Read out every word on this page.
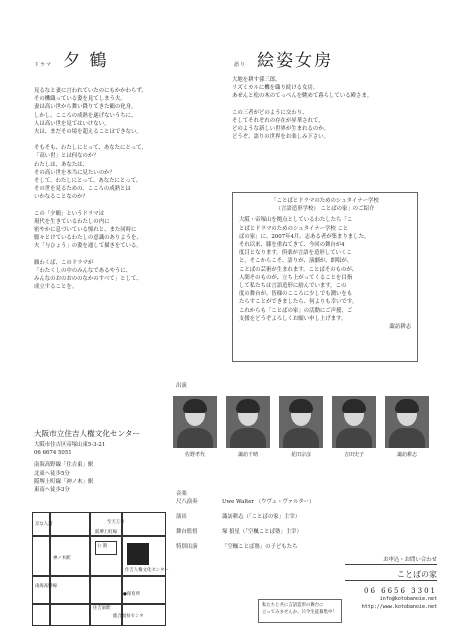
ドラマ 夕 鶴	語り 絵姿女房
見るなと妻に言われていたのにもかかわらず、
その機織っている姿を見てしまう夫。
妻は高い世から舞い降りてきた鶴の化身。
しかし、こころの成熟を遂げないうちに、
人は高い世を見てはいけない。
夫は、まだその境を超えることはできない。
そもそも、わたしにとって、あなたにとって、
「高い世」とは何なのか？
わたしは、あなたは、
その高い世を本当に見たいのか？
そして、わたしにとって、あなたにとって、
その世を見るための、こころの成熟とは
いかなることなのか？
この「夕鶴」というドラマは
現代を生きているわたしの内に
密やかに息づいている憧れと、また同時に
脈々とけているわたしの意識のありようを、
夫「与ひょう」の姿を通して描きをている。
願わくば、このドラマが
「わたくしの中のみんなであるやうに、
みんなのおのおののなかのすべて」として、
成立することを。
大地を耕す孫三郎。
リズミカルに機を織り続ける女房。
あぜんと松の木のてっぺんを眺めて暮らしている殿さま。
この三者がどのように交わり、
そしてそれぞれの存在が昇華されて、
どのような新しい世界が生まれるのか。
どうぞ、語りの世界をお楽しみ下さい。
「ことばとドラマのためのシュタイナー学校
（言語造形学校） ことばの家」のご紹介
大阪・帝塚山を拠点としているわたしたち「こ
とばとドラマのためのシュタイナー学校 こと
ばの家」に、2007年4月、志ある者が集まりました。
それ以来、膝を重ねてきて、今回の舞台が4
度目となります。倶楽が言語を造形していくこ
と。そこからこそ、語りが、演劇が、朗唱が、
ことばの芸術が生まれます。ことばそのものが、
人間そのものが、立ち上がってくることを目指
して私たちは言語造形に励んでいます。この
度の舞台が、皆様のこころに少しでも潤いをも
たらすことができましたら、何よりも幸いです。
これからも「ことばの家」の活動にご声援、ご
支援をどうぞよろしくお願い申し上げます。
諏訪耕志
出演
佐野孝代	諏訪千晴	花田宗彦	吉田史子	諏訪耕志
音楽
尺八演奏	Uwe Walter （ウヴェ・ヴァルター）
演出	諏訪耕志（「ことばの家」主宰）
舞台監督	塚 狼星（「空楓ことば塾」主宰）
特別出演	「空楓ことば塾」の子どもたち
大阪市立住吉人権文化センター
大阪市住吉区帝塚山東5-3-21
06 6674 5051
南海高野線「住吉東」駅
北東へ徒歩5分
阪堺上町線「神ノ木」駅
東南へ徒歩3分
京な人道	至天王寺
阪堺上町線
神ノ木駅
公 園
住吉人権文化センター
南海高野線
住吉東駅
●保育所
総合福祉センタ
お申込・お問い合わせ
ことばの家
06 6656 3301
info@kotobanoie.net
http://www.kotobanoie.net
私たちと共に言語造形の舞台に
立ってみませんか。只今生徒募集中！
